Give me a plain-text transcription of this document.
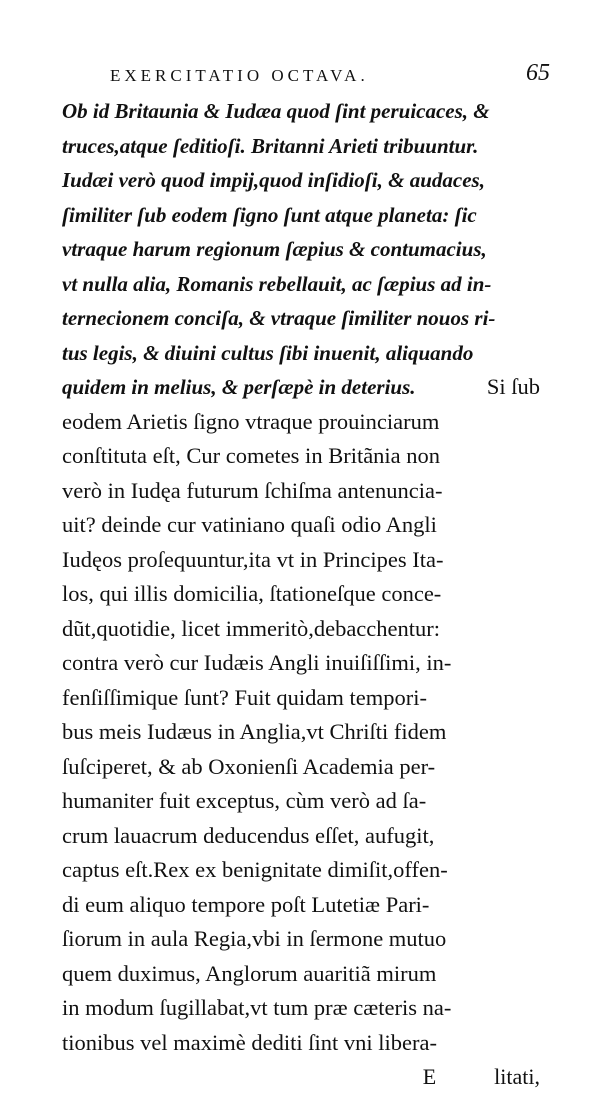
EXERCITATIO OCTAVA.	65
Ob id Britaunia & Iudæa quod ſint peruicaces, &
truces,atque ſeditioſi. Britanni Arieti tribuuntur.
Iudæi verò quod impij,quod inſidioſi, & audaces,
ſimiliter ſub eodem ſigno ſunt atque planeta: ſic
vtraque harum regionum ſæpius & contumacius,
vt nulla alia, Romanis rebellauit, ac ſæpius ad in-
ternecionem conciſa, & vtraque ſimiliter nouos ri-
tus legis, & diuini cultus ſibi inuenit, aliquando
quidem in melius, & perſæpè in deterius.	Si ſub
eodem Arietis ſigno vtraque prouinciarum
conſtituta eſt, Cur cometes in Britãnia non
verò in Iudęa futurum ſchiſma antenuncia-
uit? deinde cur vatiniano quaſi odio Angli
Iudęos proſequuntur,ita vt in Principes Ita-
los, qui illis domicilia, ſtationeſque conce-
dũt,quotidie, licet immeritò,debacchentur:
contra verò cur Iudæis Angli inuiſiſſimi, in-
fenſiſſimique ſunt? Fuit quidam tempori-
bus meis Iudæus in Anglia,vt Chriſti fidem
ſuſciperet, & ab Oxonienſi Academia per-
humaniter fuit exceptus, cùm verò ad ſa-
crum lauacrum deducendus eſſet, aufugit,
captus eſt.Rex ex benignitate dimiſit,offen-
di eum aliquo tempore poſt Lutetiæ Pari-
ſiorum in aula Regia,vbi in ſermone mutuo
quem duximus, Anglorum auaritiã mirum
in modum ſugillabat,vt tum præ cæteris na-
tionibus vel maximè dediti ſint vni libera-
E	litati,
